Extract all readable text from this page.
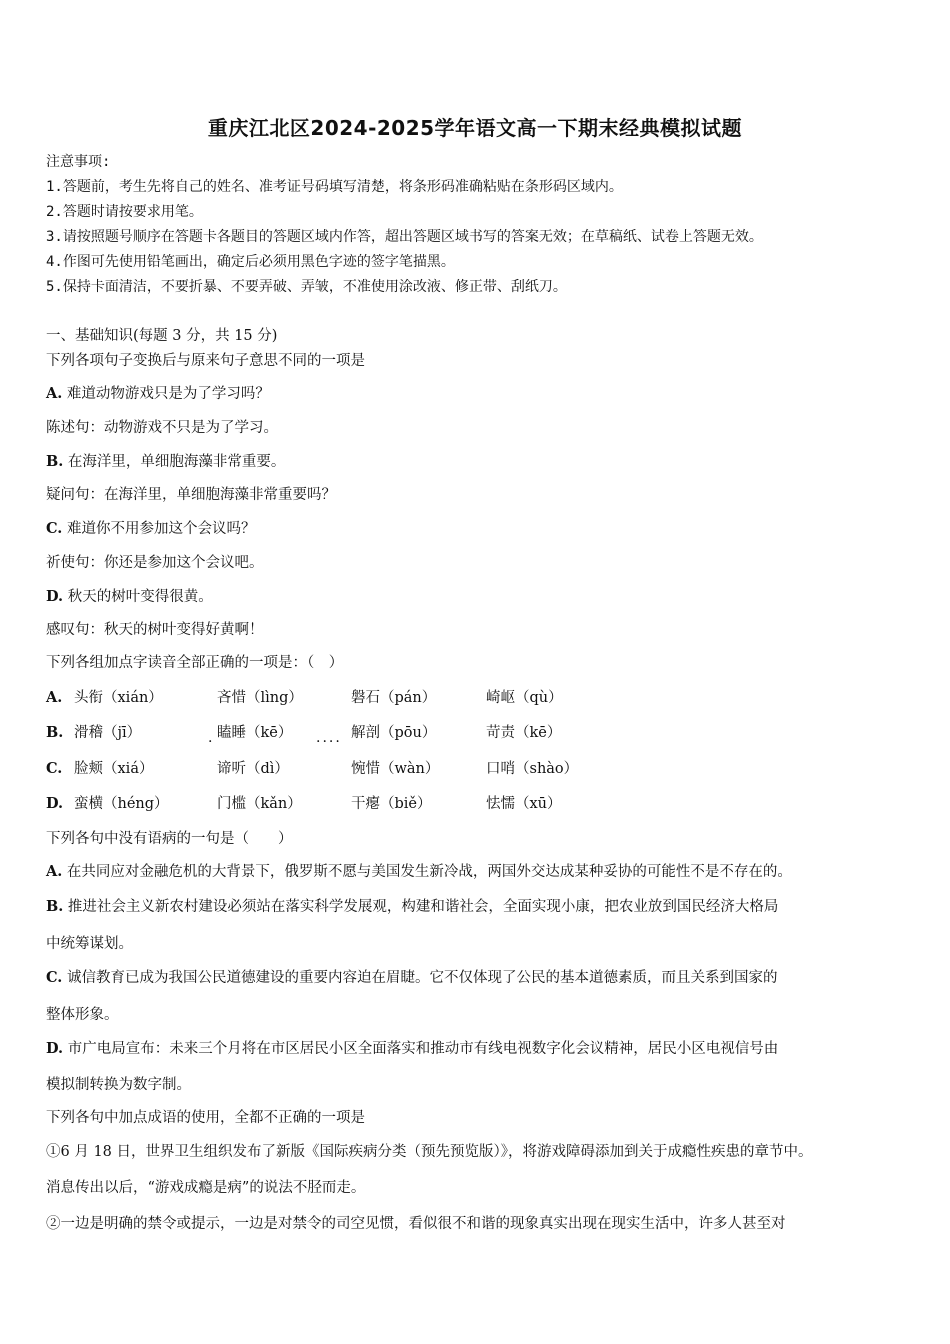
重庆江北区2024-2025学年语文高一下期末经典模拟试题
注意事项:
1.答题前，考生先将自己的姓名、准考证号码填写清楚，将条形码准确粘贴在条形码区域内。
2.答题时请按要求用笔。
3.请按照题号顺序在答题卡各题目的答题区域内作答，超出答题区域书写的答案无效；在草稿纸、试卷上答题无效。
4.作图可先使用铅笔画出，确定后必须用黑色字迹的签字笔描黑。
5.保持卡面清洁，不要折暴、不要弄破、弄皱，不准使用涂改液、修正带、刮纸刀。
一、基础知识(每题 3 分，共 15 分)
下列各项句子变换后与原来句子意思不同的一项是
A. 难道动物游戏只是为了学习吗？
陈述句：动物游戏不只是为了学习。
B. 在海洋里，单细胞海藻非常重要。
疑问句：在海洋里，单细胞海藻非常重要吗？
C. 难道你不用参加这个会议吗？
祈使句：你还是参加这个会议吧。
D. 秋天的树叶变得很黄。
感叹句：秋天的树叶变得好黄啊！
下列各组加点字读音全部正确的一项是：（　）
A. 头衔（xián）	吝惜（lìng）	磐石（pán）	崎岖（qù）
B. 滑稽（jī）	瞌睡（kē）	解剖（pōu）	苛责（kē）
.	....
C. 脸颊（xiá）	谛听（dì）	惋惜（wàn）	口哨（shào）
D. 蛮横（héng）	门槛（kǎn）	干瘪（biě）	怯懦（xū）
下列各句中没有语病的一句是（　　）
A. 在共同应对金融危机的大背景下，俄罗斯不愿与美国发生新冷战，两国外交达成某种妥协的可能性不是不存在的。
B. 推进社会主义新农村建设必须站在落实科学发展观，构建和谐社会，全面实现小康，把农业放到国民经济大格局
中统筹谋划。
C. 诚信教育已成为我国公民道德建设的重要内容迫在眉睫。它不仅体现了公民的基本道德素质，而且关系到国家的
整体形象。
D. 市广电局宣布：未来三个月将在市区居民小区全面落实和推动市有线电视数字化会议精神，居民小区电视信号由
模拟制转换为数字制。
下列各句中加点成语的使用，全都不正确的一项是
①6 月 18 日，世界卫生组织发布了新版《国际疾病分类（预先预览版）》，将游戏障碍添加到关于成瘾性疾患的章节中。
消息传出以后，“游戏成瘾是病”的说法不胫而走。
②一边是明确的禁令或提示，一边是对禁令的司空见惯，看似很不和谐的现象真实出现在现实生活中，许多人甚至对
